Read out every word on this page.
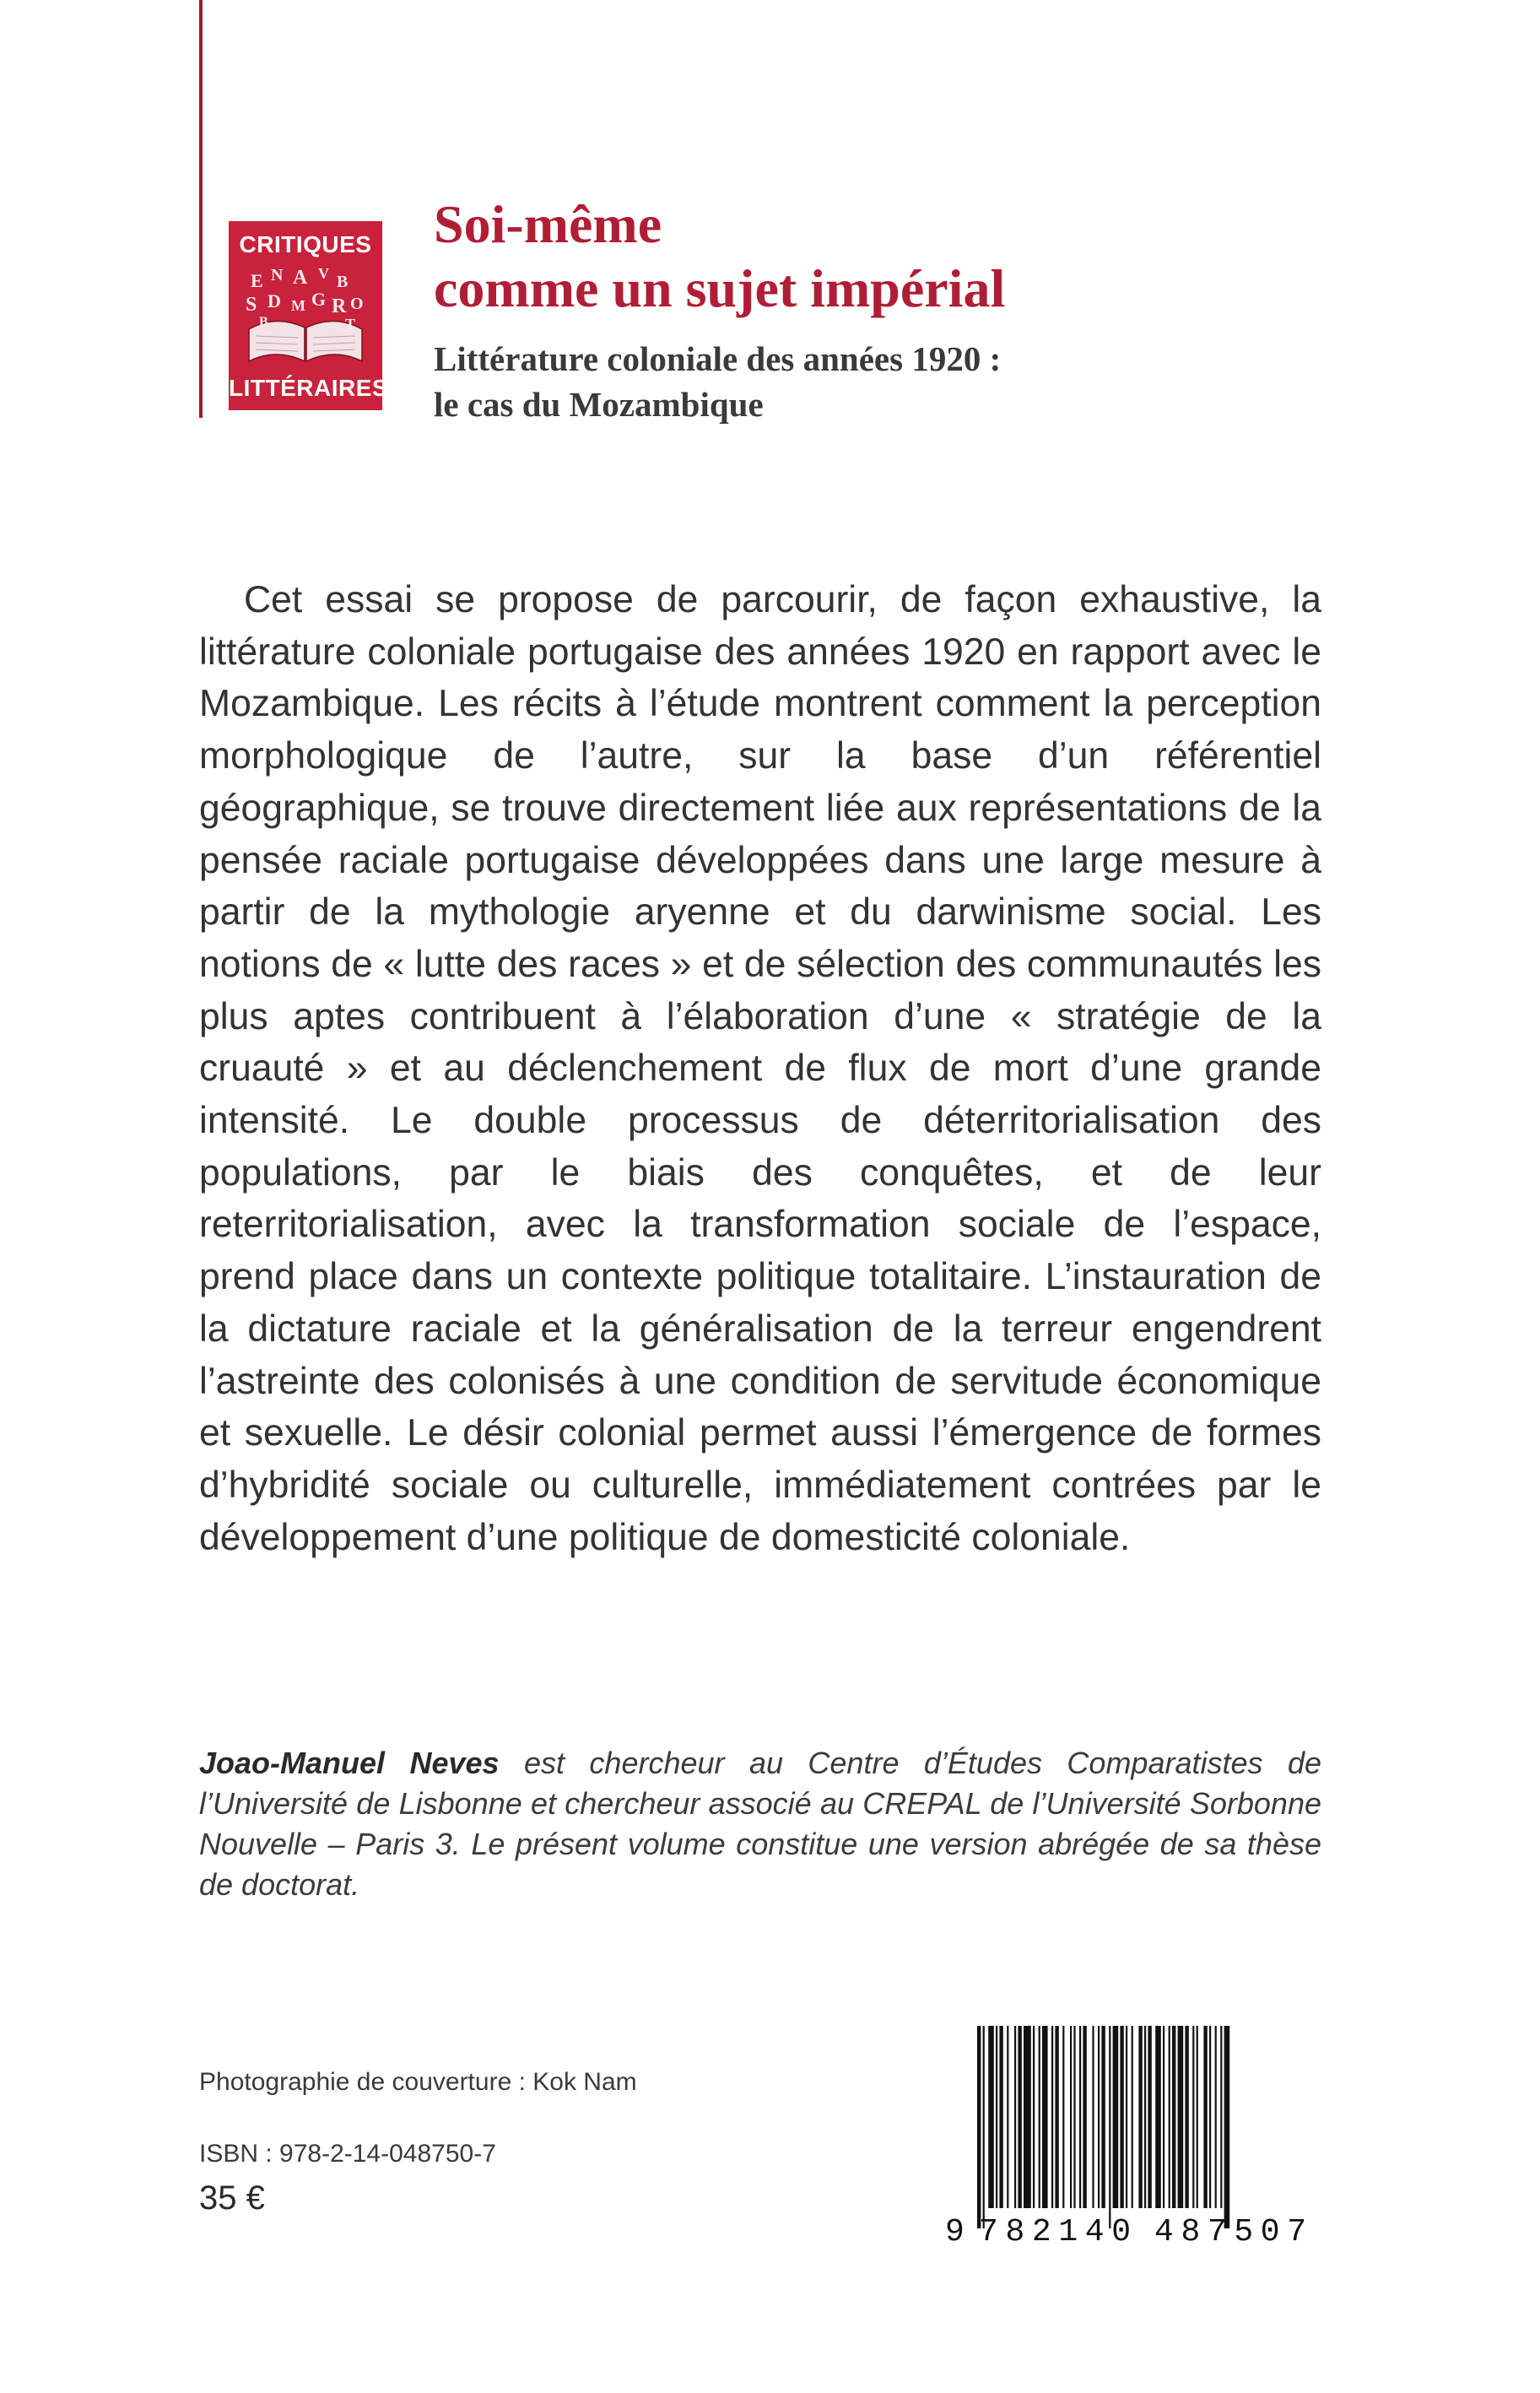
CRITIQUES
E N A V B
S D M G R O
B	T
LITTÉRAIRES
Soi-même
comme un sujet impérial
Littérature coloniale des années 1920 :
le cas du Mozambique

Cet essai se propose de parcourir, de façon exhaustive, la littérature coloniale portugaise des années 1920 en rapport avec le Mozambique. Les récits à l’étude montrent comment la perception morphologique de l’autre, sur la base d’un référentiel géographique, se trouve directement liée aux représentations de la pensée raciale portugaise développées dans une large mesure à partir de la mythologie aryenne et du darwinisme social. Les notions de « lutte des races » et de sélection des communautés les plus aptes contribuent à l’élaboration d’une « stratégie de la cruauté » et au déclenchement de flux de mort d’une grande intensité. Le double processus de déterritorialisation des populations, par le biais des conquêtes, et de leur reterritorialisation, avec la transformation sociale de l’espace, prend place dans un contexte politique totalitaire. L’instauration de la dictature raciale et la généralisation de la terreur engendrent l’astreinte des colonisés à une condition de servitude économique et sexuelle. Le désir colonial permet aussi l’émergence de formes d’hybridité sociale ou culturelle, immédiatement contrées par le développement d’une politique de domesticité coloniale.

Joao-Manuel Neves est chercheur au Centre d’Études Comparatistes de l’Université de Lisbonne et chercheur associé au CREPAL de l’Université Sorbonne Nouvelle – Paris 3. Le présent volume constitue une version abrégée de sa thèse de doctorat.

Photographie de couverture : Kok Nam
ISBN : 978-2-14-048750-7
35 €
9 782140 487507
